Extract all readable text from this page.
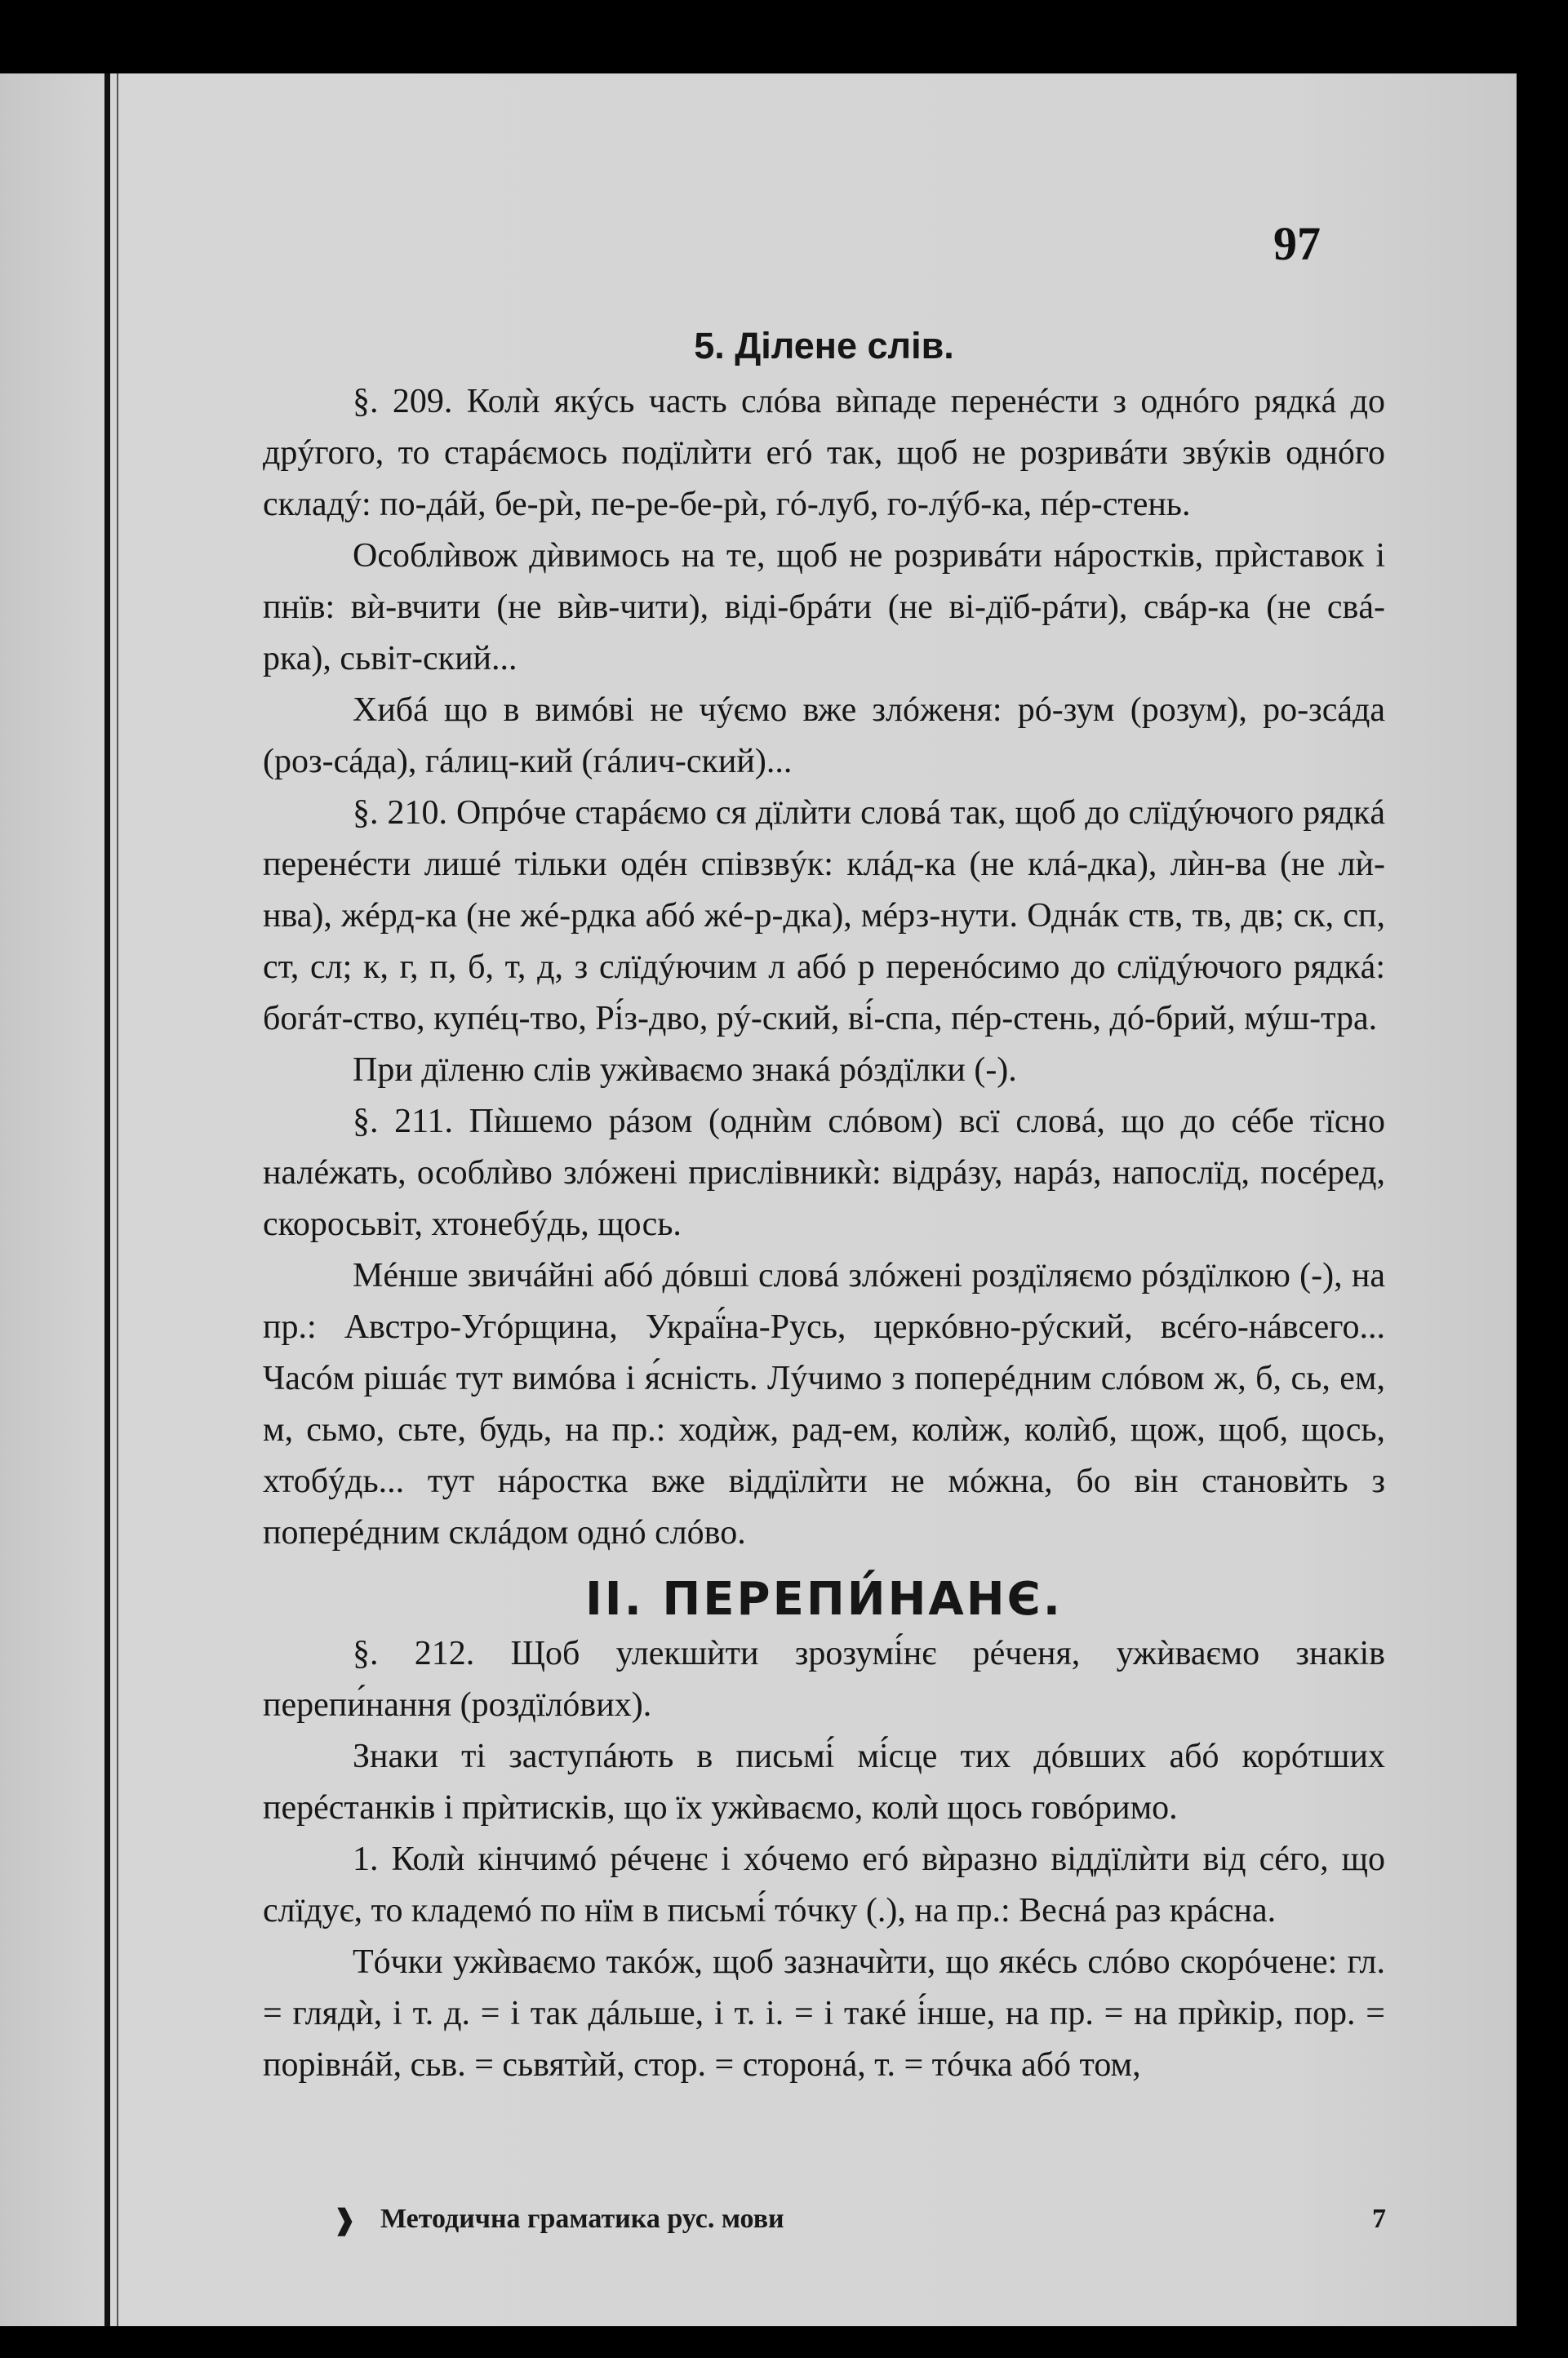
97
5. Ділене слів.

§. 209. Колѝ якýсь часть слóва вѝпаде перенéсти з однóго рядкá до дрýгого, то старáємось подїлѝти егó так, щоб не розривáти звýків однóго складý: по-дáй, бе-рѝ, пе-ре-бе-рѝ, гó-луб, го-лýб-ка, пéр-стень.

Особлѝвож дѝвимось на те, щоб не розривáти нáростків, прѝставок і пнїв: вѝ-вчити (не вѝв-чити), віді-брáти (не ві-дїб-рáти), свáр-ка (не свá-рка), сьвіт-ский...

Хибá що в вимóві не чýємо вже злóженя: рó-зум (розум), ро-зсáда (роз-сáда), гáлиц-кий (гáлич-ский)...

§. 210. Опрóче старáємо ся дїлѝти словá так, щоб до слїдýючого рядкá перенéсти лишé тільки одéн співзвýк: клáд-ка (не клá-дка), лѝн-ва (не лѝ-нва), жéрд-ка (не жé-рдка абó жé-р-дка), мéрз-нути. Однáк ств, тв, дв; ск, сп, ст, сл; к, г, п, б, т, д, з слїдýючим л абó р перенóсимо до слїдýючого рядкá: богáт-ство, купéц-тво, Рі́з-дво, рý-ский, ві́-спа, пéр-стень, дó-брий, мýш-тра.

При дїленю слів ужѝваємо знакá рóздїлки (-).

§. 211. Пѝшемо рáзом (однѝм слóвом) всї словá, що до сéбе тїсно налéжать, особлѝво злóжені прислівникѝ: відрáзу, нарáз, напослїд, посéред, скоросьвіт, хтонебýдь, щось.

Мéнше звичáйні абó дóвші словá злóжені роздїляємо рóздїлкою (-), на пр.: Австро-Угóрщина, Украї́на-Русь, церкóвно-рýский, всéго-нáвсего... Часóм рішáє тут вимóва і я́сність. Лýчимо з поперéдним слóвом ж, б, сь, ем, м, сьмо, сьте, будь, на пр.: ходѝж, рад-ем, колѝж, колѝб, щож, щоб, щось, хтобýдь... тут нáростка вже віддїлѝти не мóжна, бо він становѝть з поперéдним склáдом однó слóво.

II. ПЕРЕПИ́НАНЄ.

§. 212. Щоб улекшѝти зрозумі́нє рéченя, ужѝваємо знаків перепи́нання (роздїлóвих).

Знаки ті заступáють в письмі́ мі́сце тих дóвших абó корóтших перéстанків і прѝтисків, що їх ужѝваємо, колѝ щось говóримо.

1. Колѝ кінчимó рéченє і хóчемо егó вѝразно віддїлѝти від сéго, що слїдує, то кладемó по нїм в письмі́ тóчку (.), на пр.: Веснá раз крáсна.

Тóчки ужѝваємо такóж, щоб зазначѝти, що якéсь слóво скорóчене: гл. = глядѝ, і т. д. = і так дáльше, і т. і. = і такé і́нше, на пр. = на прѝкір, пор. = порівнáй, сьв. = сьвятѝй, стор. = сторонá, т. = тóчка абó том,

❱ Методична граматика рус. мови	7
